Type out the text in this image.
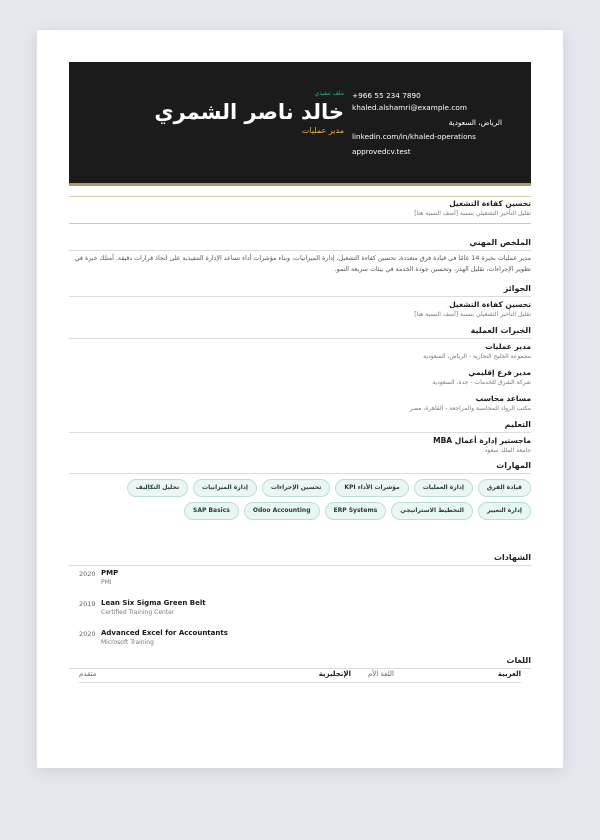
ملف تنفيذي
خالد ناصر الشمري
مدير عمليات
+966 55 234 7890
khaled.alshamri@example.com
الرياض، السعودية
linkedin.com/in/khaled-operations
approvedcv.test
تحسين كفاءة التشغيل
تقليل التأخير التشغيلي بنسبة [أضف النسبة هنا]
الملخص المهني
مدير عمليات بخبرة 14 عامًا في قيادة فرق متعددة، تحسين كفاءة التشغيل، إدارة الميزانيات، وبناء مؤشرات أداء تساعد الإدارة التنفيذية على اتخاذ قرارات دقيقة. أمتلك خبرة في تطوير الإجراءات، تقليل الهدر، وتحسين جودة الخدمة في بيئات سريعة النمو.
الجوائز
تحسين كفاءة التشغيل
تقليل التأخير التشغيلي بنسبة [أضف النسبة هنا]
الخبرات العملية
مدير عمليات
مجموعة الخليج التجارية - الرياض، السعودية
مدير فرع إقليمي
شركة الشرق للخدمات - جدة، السعودية
مساعد محاسب
مكتب الرواد للمحاسبة والمراجعة - القاهرة، مصر
التعليم
ماجستير إدارة أعمال MBA
جامعة الملك سعود
المهارات
قيادة الفرق
إدارة العمليات
مؤشرات الأداء KPI
تحسين الإجراءات
إدارة الميزانيات
تحليل التكاليف
إدارة التغيير
التخطيط الاستراتيجي
ERP Systems
Odoo Accounting
SAP Basics
الشهادات
2020 PMP
PMI
2019 Lean Six Sigma Green Belt
Certified Training Center
2020 Advanced Excel for Accountants
Microsoft Training
اللغات
العربية
اللغة الأم
الإنجليزية
متقدم
